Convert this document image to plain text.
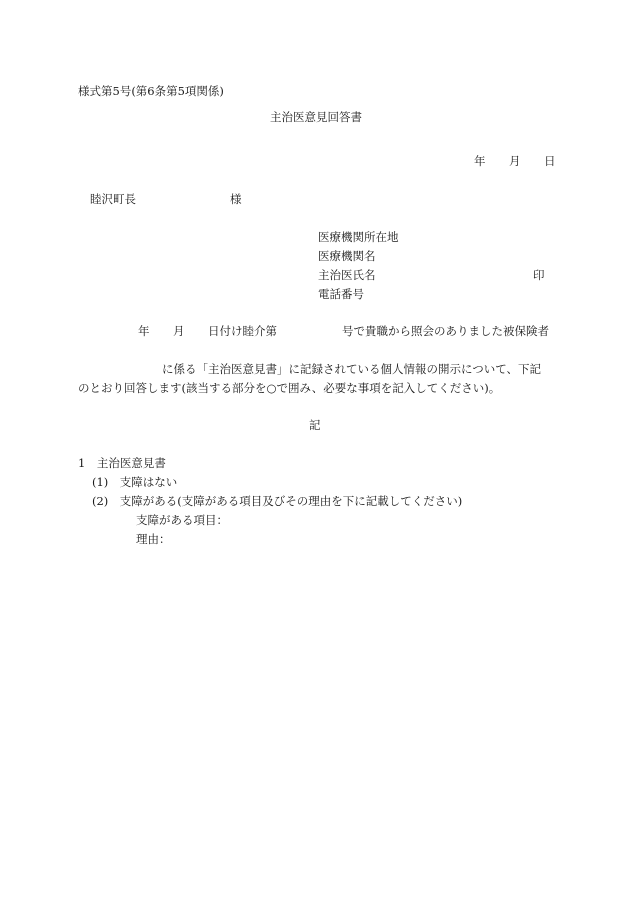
様式第5号(第6条第5項関係)
主治医意見回答書
年 月 日
睦沢町長	様
医療機関所在地
医療機関名
主治医氏名	印
電話番号
年 月 日付け睦介第	号で貴職から照会のありました被保険者
に係る「主治医意見書」に記録されている個人情報の開示について、下記
のとおり回答します(該当する部分を○で囲み、必要な事項を記入してください)。
記
1　主治医意見書
(1)　支障はない
(2)　支障がある(支障がある項目及びその理由を下に記載してください)
支障がある項目：
理由：
